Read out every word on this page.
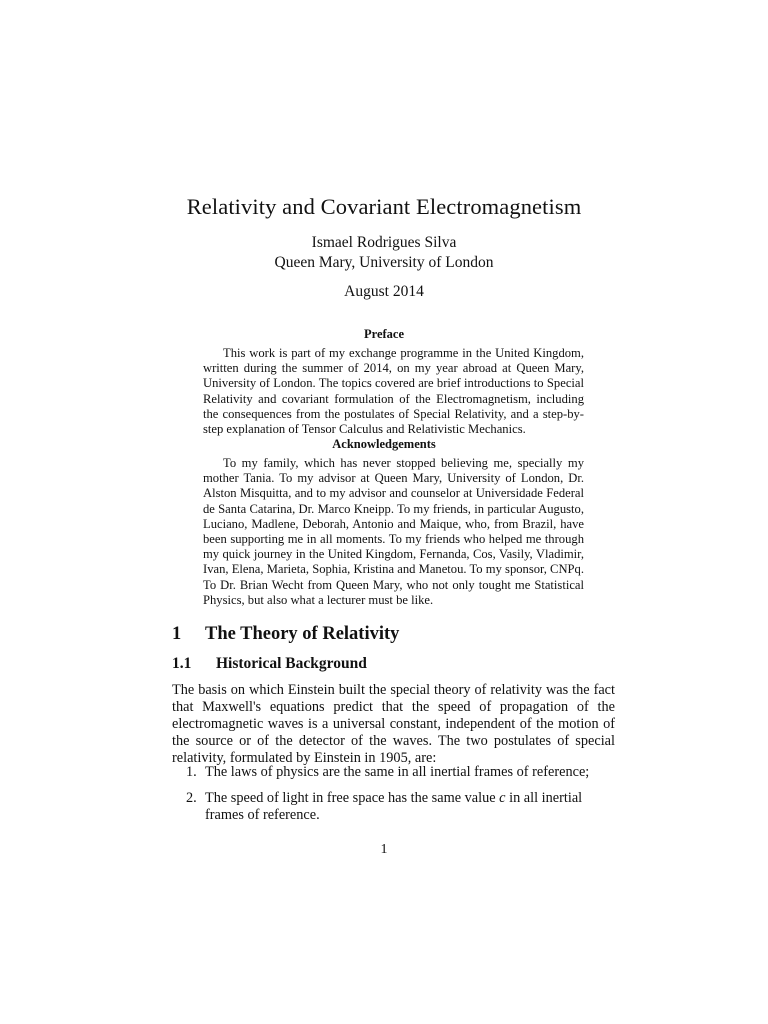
Relativity and Covariant Electromagnetism
Ismael Rodrigues Silva
Queen Mary, University of London
August 2014
Preface
This work is part of my exchange programme in the United Kingdom, written during the summer of 2014, on my year abroad at Queen Mary, University of London. The topics covered are brief introductions to Special Relativity and covariant formulation of the Electromagnetism, including the consequences from the postulates of Special Relativity, and a step-by-step explanation of Tensor Calculus and Relativistic Mechanics.
Acknowledgements
To my family, which has never stopped believing me, specially my mother Tania. To my advisor at Queen Mary, University of London, Dr. Alston Misquitta, and to my advisor and counselor at Universidade Federal de Santa Catarina, Dr. Marco Kneipp. To my friends, in particular Augusto, Luciano, Madlene, Deborah, Antonio and Maique, who, from Brazil, have been supporting me in all moments. To my friends who helped me through my quick journey in the United Kingdom, Fernanda, Cos, Vasily, Vladimir, Ivan, Elena, Marieta, Sophia, Kristina and Manetou. To my sponsor, CNPq. To Dr. Brian Wecht from Queen Mary, who not only tought me Statistical Physics, but also what a lecturer must be like.
1 The Theory of Relativity
1.1 Historical Background
The basis on which Einstein built the special theory of relativity was the fact that Maxwell's equations predict that the speed of propagation of the electromagnetic waves is a universal constant, independent of the motion of the source or of the detector of the waves. The two postulates of special relativity, formulated by Einstein in 1905, are:
1. The laws of physics are the same in all inertial frames of reference;
2. The speed of light in free space has the same value c in all inertial frames of reference.
1
